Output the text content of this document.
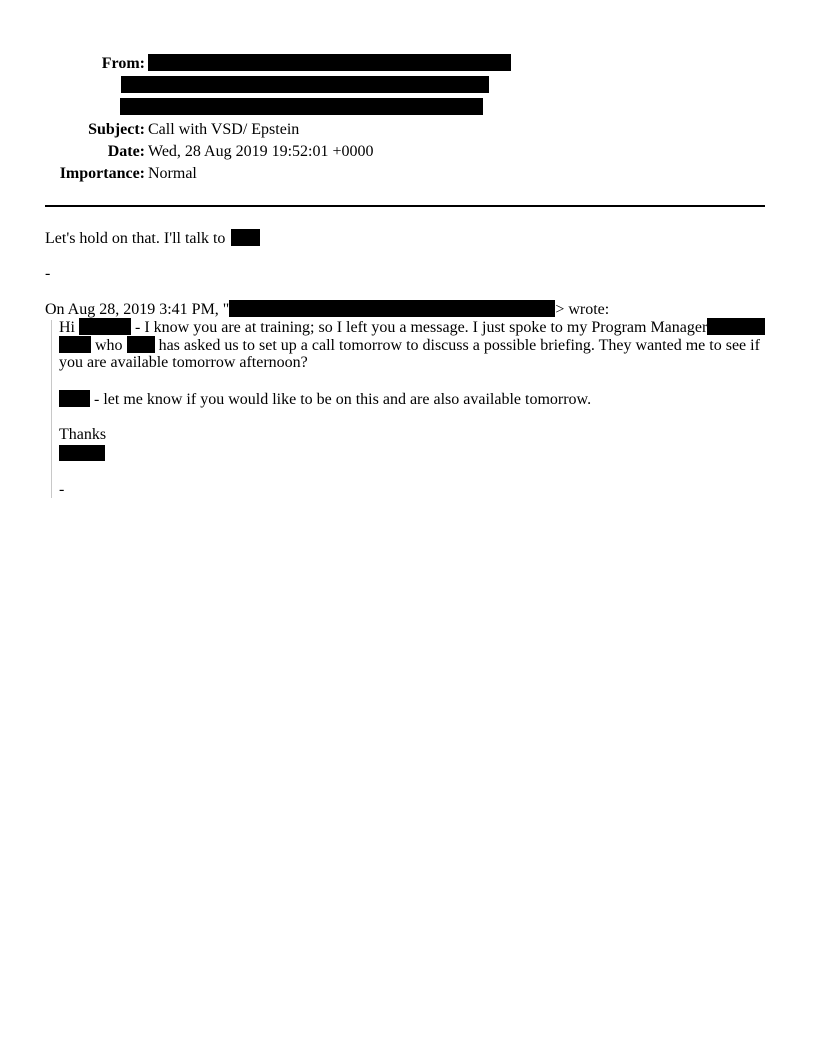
From:
Subject: Call with VSD/ Epstein
Date: Wed, 28 Aug 2019 19:52:01 +0000
Importance: Normal
Let's hold on that. I'll talk to
-
On Aug 28, 2019 3:41 PM, "	> wrote:
Hi	- I know you are at training; so I left you a message. I just spoke to my Program Manager
who has asked us to set up a call tomorrow to discuss a possible briefing. They wanted me to see if
you are available tomorrow afternoon?
- let me know if you would like to be on this and are also available tomorrow.
Thanks
-
